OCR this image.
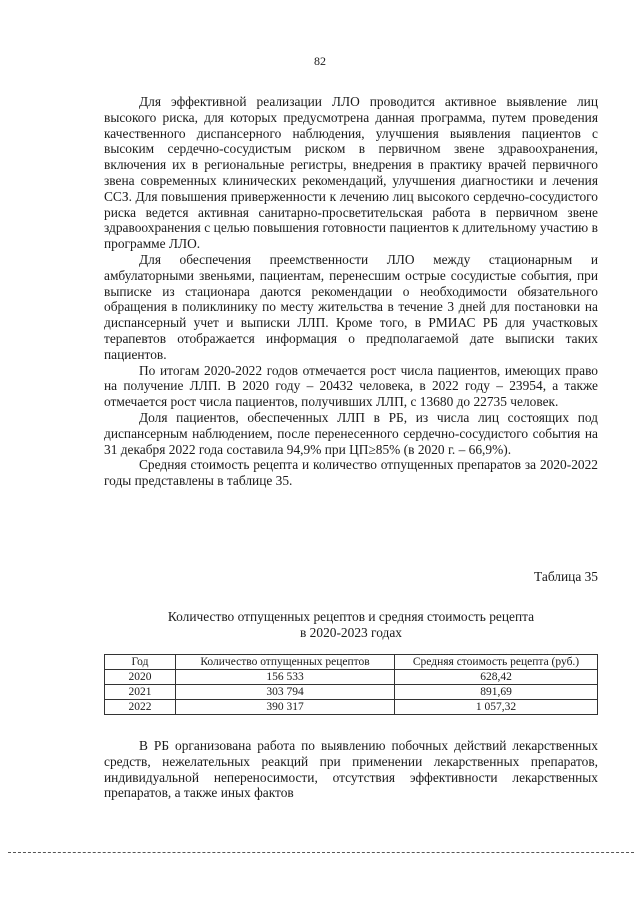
82

Для эффективной реализации ЛЛО проводится активное выявление лиц высокого риска, для которых предусмотрена данная программа, путем проведения качественного диспансерного наблюдения, улучшения выявления пациентов с высоким сердечно-сосудистым риском в первичном звене здравоохранения, включения их в региональные регистры, внедрения в практику врачей первичного звена современных клинических рекомендаций, улучшения диагностики и лечения ССЗ. Для повышения приверженности к лечению лиц высокого сердечно-сосудистого риска ведется активная санитарно-просветительская работа в первичном звене здравоохранения с целью повышения готовности пациентов к длительному участию в программе ЛЛО.

Для обеспечения преемственности ЛЛО между стационарным и амбулаторными звеньями, пациентам, перенесшим острые сосудистые события, при выписке из стационара даются рекомендации о необходимости обязательного обращения в поликлинику по месту жительства в течение 3 дней для постановки на диспансерный учет и выписки ЛЛП. Кроме того, в РМИАС РБ для участковых терапевтов отображается информация о предполагаемой дате выписки таких пациентов.

По итогам 2020-2022 годов отмечается рост числа пациентов, имеющих право на получение ЛЛП. В 2020 году – 20432 человека, в 2022 году – 23954, а также отмечается рост числа пациентов, получивших ЛЛП, с 13680 до 22735 человек.

Доля пациентов, обеспеченных ЛЛП в РБ, из числа лиц состоящих под диспансерным наблюдением, после перенесенного сердечно-сосудистого события на 31 декабря 2022 года составила 94,9% при ЦП≥85% (в 2020 г. – 66,9%).

Средняя стоимость рецепта и количество отпущенных препаратов за 2020-2022 годы представлены в таблице 35.

Таблица 35
Количество отпущенных рецептов и средняя стоимость рецепта
в 2020-2023 годах
Год	Количество отпущенных рецептов	Средняя стоимость рецепта (руб.)
2020	156 533	628,42
2021	303 794	891,69
2022	390 317	1 057,32

В РБ организована работа по выявлению побочных действий лекарственных средств, нежелательных реакций при применении лекарственных препаратов, индивидуальной непереносимости, отсутствия эффективности лекарственных препаратов, а также иных фактов
